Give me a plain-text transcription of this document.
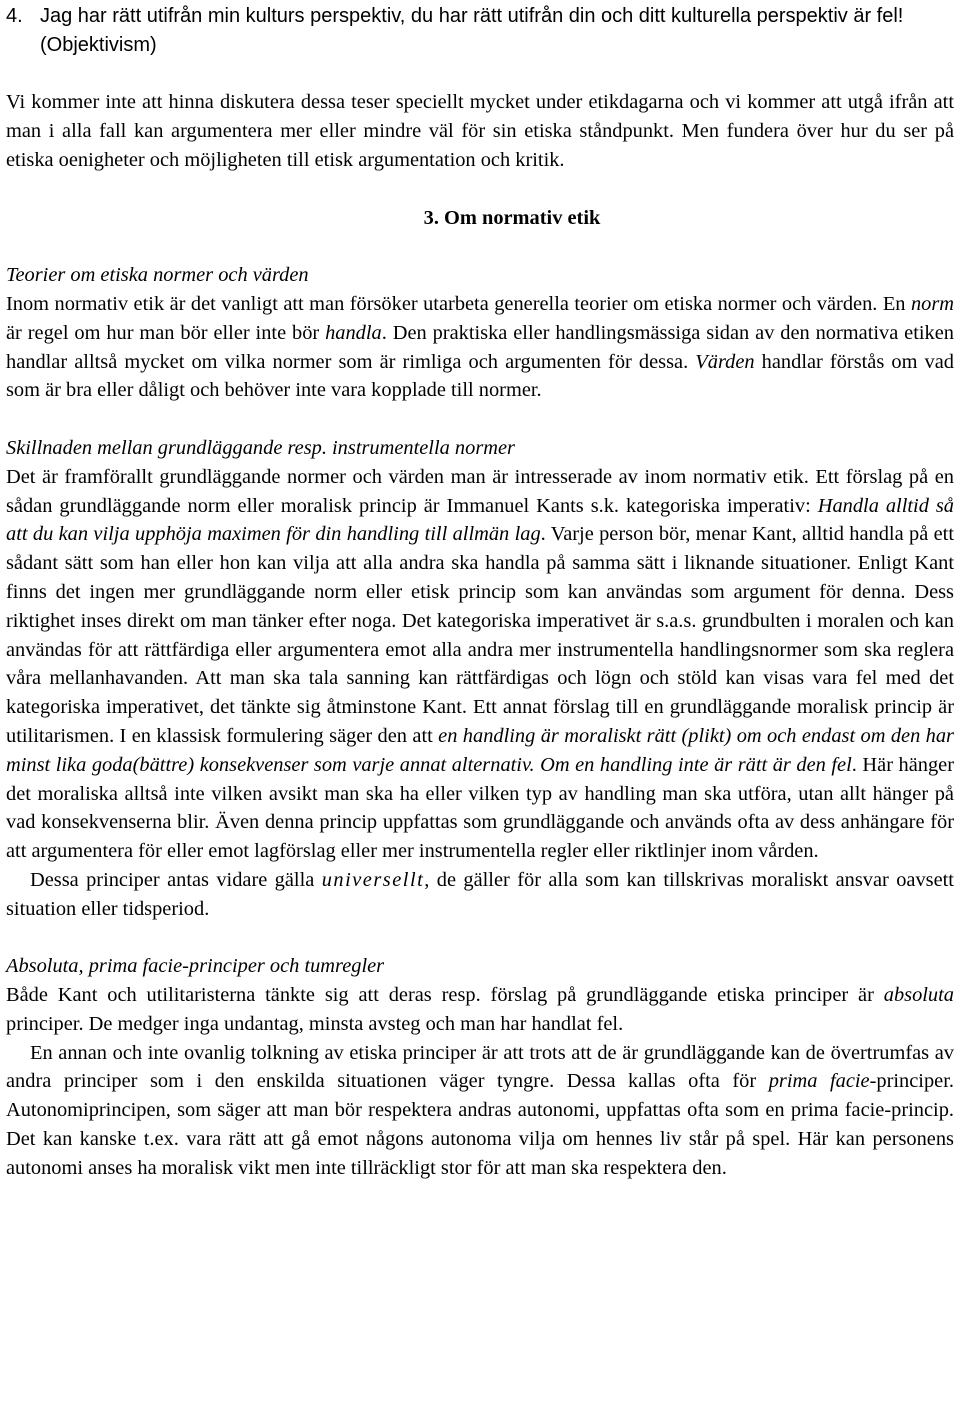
4. Jag har rätt utifrån min kulturs perspektiv, du har rätt utifrån din och ditt kulturella perspektiv är fel! (Objektivism)

Vi kommer inte att hinna diskutera dessa teser speciellt mycket under etikdagarna och vi kommer att utgå ifrån att man i alla fall kan argumentera mer eller mindre väl för sin etiska ståndpunkt. Men fundera över hur du ser på etiska oenigheter och möjligheten till etisk argumentation och kritik.

3. Om normativ etik

Teorier om etiska normer och värden

Inom normativ etik är det vanligt att man försöker utarbeta generella teorier om etiska normer och värden. En norm är regel om hur man bör eller inte bör handla. Den praktiska eller handlingsmässiga sidan av den normativa etiken handlar alltså mycket om vilka normer som är rimliga och argumenten för dessa. Värden handlar förstås om vad som är bra eller dåligt och behöver inte vara kopplade till normer.

Skillnaden mellan grundläggande resp. instrumentella normer

Det är framförallt grundläggande normer och värden man är intresserade av inom normativ etik. Ett förslag på en sådan grundläggande norm eller moralisk princip är Immanuel Kants s.k. kategoriska imperativ: Handla alltid så att du kan vilja upphöja maximen för din handling till allmän lag. Varje person bör, menar Kant, alltid handla på ett sådant sätt som han eller hon kan vilja att alla andra ska handla på samma sätt i liknande situationer. Enligt Kant finns det ingen mer grundläggande norm eller etisk princip som kan användas som argument för denna. Dess riktighet inses direkt om man tänker efter noga. Det kategoriska imperativet är s.a.s. grundbulten i moralen och kan användas för att rättfärdiga eller argumentera emot alla andra mer instrumentella handlingsnormer som ska reglera våra mellanhavanden. Att man ska tala sanning kan rättfärdigas och lögn och stöld kan visas vara fel med det kategoriska imperativet, det tänkte sig åtminstone Kant. Ett annat förslag till en grundläggande moralisk princip är utilitarismen. I en klassisk formulering säger den att en handling är moraliskt rätt (plikt) om och endast om den har minst lika goda(bättre) konsekvenser som varje annat alternativ. Om en handling inte är rätt är den fel. Här hänger det moraliska alltså inte vilken avsikt man ska ha eller vilken typ av handling man ska utföra, utan allt hänger på vad konsekvenserna blir. Även denna princip uppfattas som grundläggande och används ofta av dess anhängare för att argumentera för eller emot lagförslag eller mer instrumentella regler eller riktlinjer inom vården.

Dessa principer antas vidare gälla universellt, de gäller för alla som kan tillskrivas moraliskt ansvar oavsett situation eller tidsperiod.

Absoluta, prima facie-principer och tumregler

Både Kant och utilitaristerna tänkte sig att deras resp. förslag på grundläggande etiska principer är absoluta principer. De medger inga undantag, minsta avsteg och man har handlat fel.

En annan och inte ovanlig tolkning av etiska principer är att trots att de är grundläggande kan de övertrumfas av andra principer som i den enskilda situationen väger tyngre. Dessa kallas ofta för prima facie-principer. Autonomiprincipen, som säger att man bör respektera andras autonomi, uppfattas ofta som en prima facie-princip. Det kan kanske t.ex. vara rätt att gå emot någons autonoma vilja om hennes liv står på spel. Här kan personens autonomi anses ha moralisk vikt men inte tillräckligt stor för att man ska respektera den.
